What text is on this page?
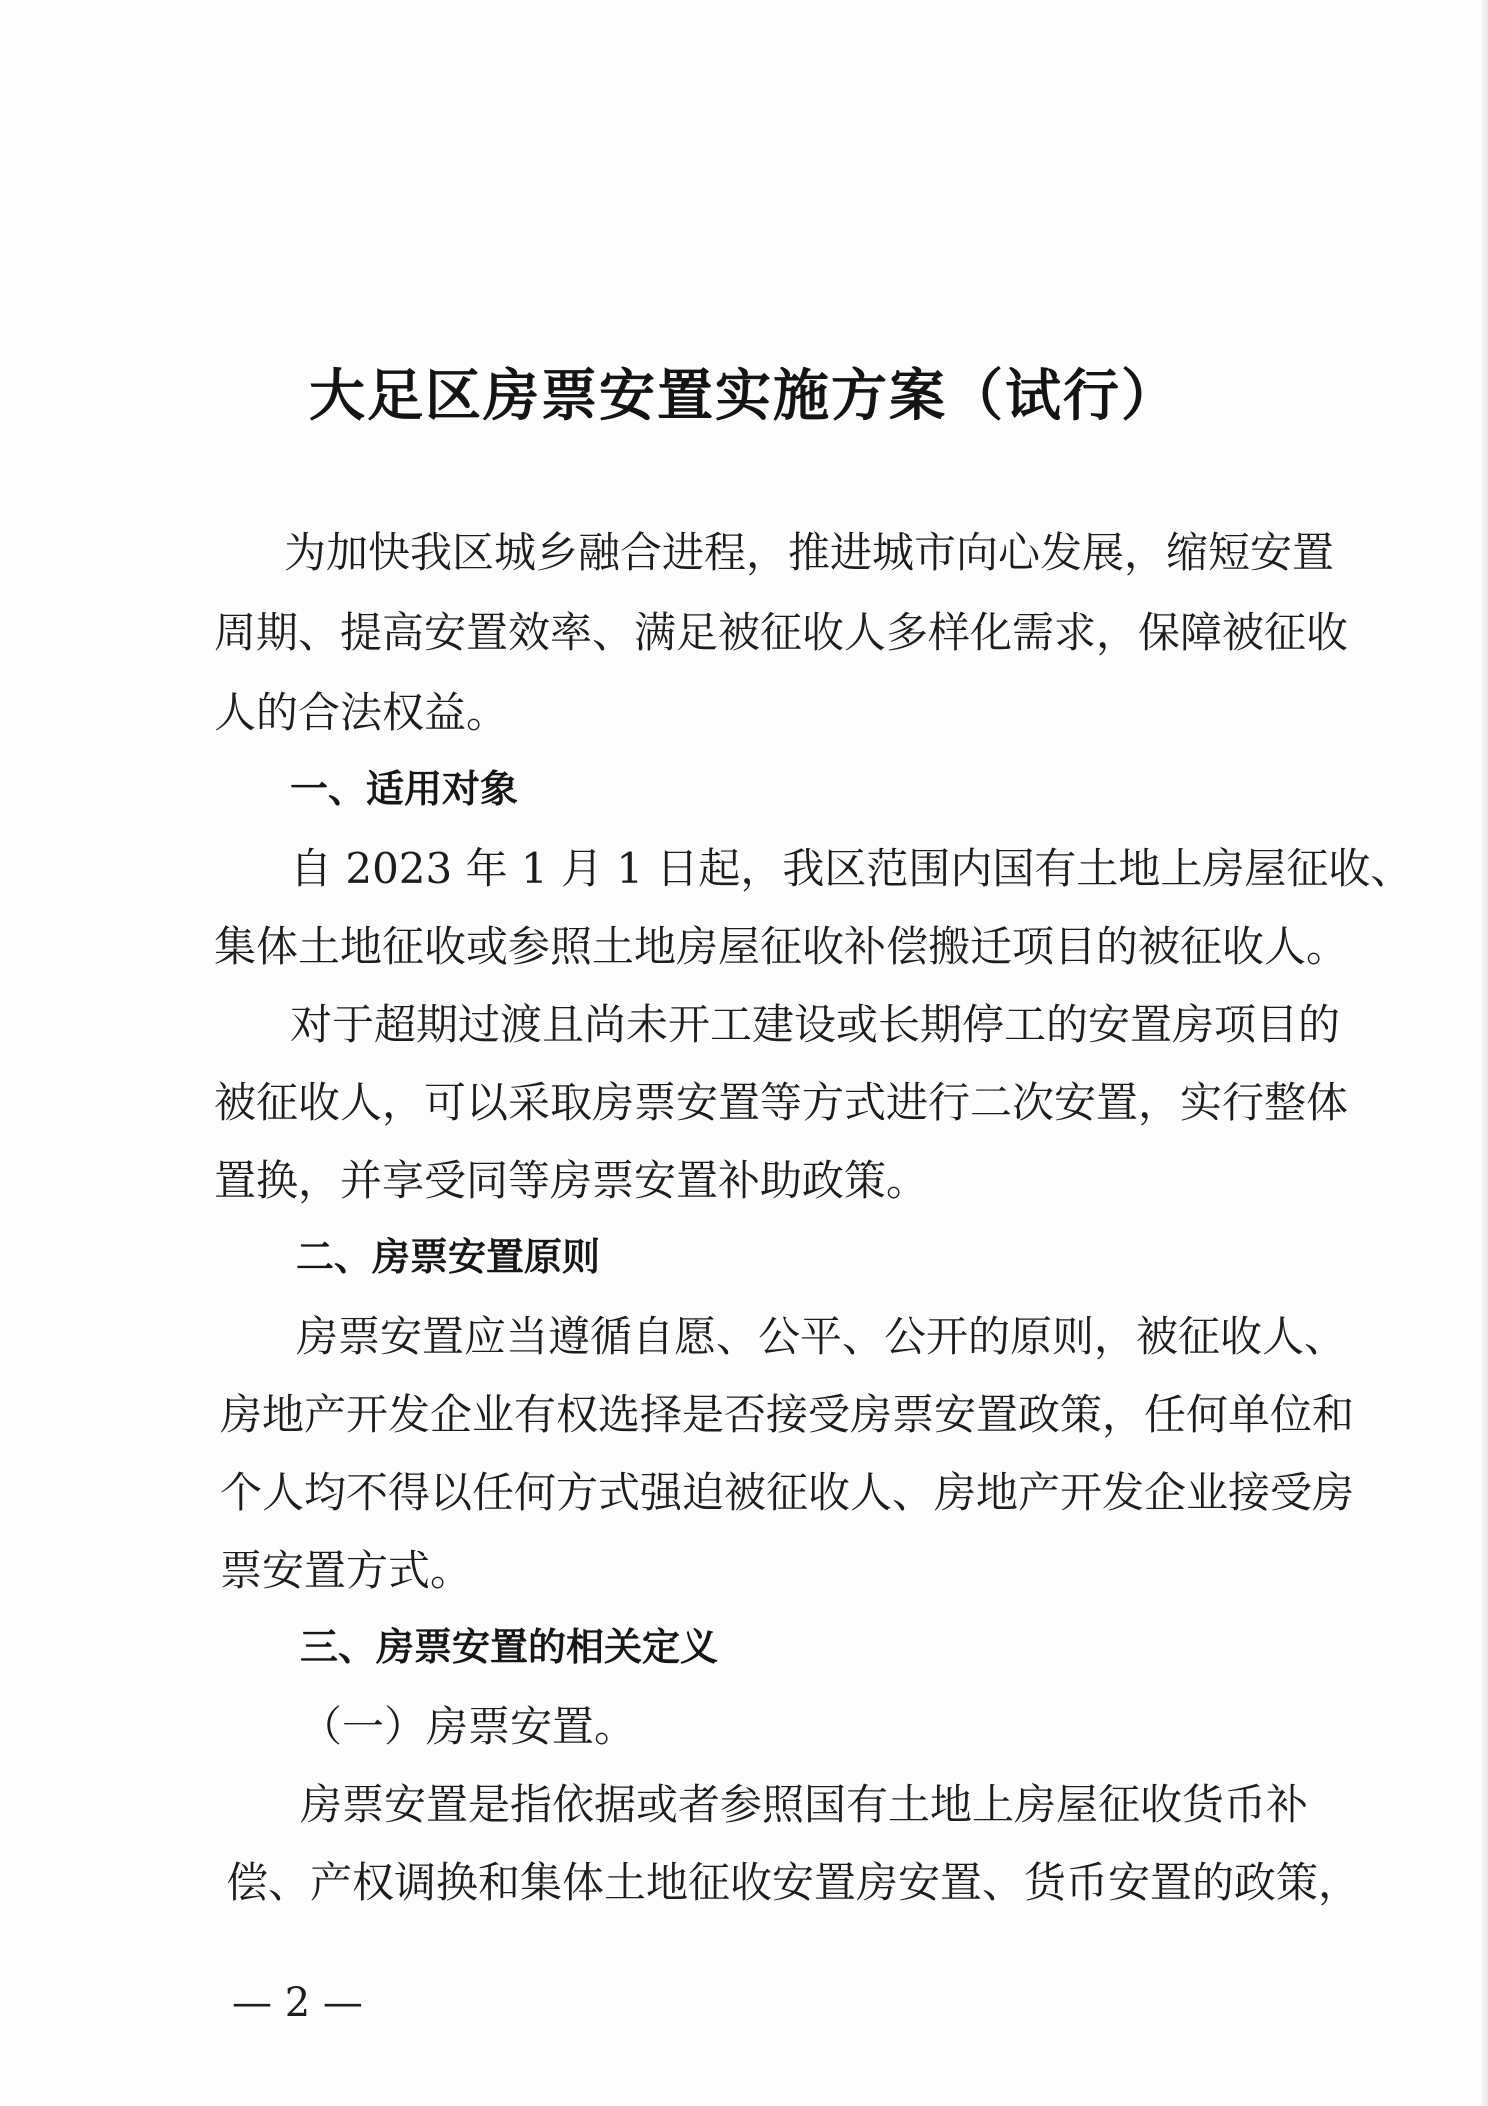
大足区房票安置实施方案（试行）
为加快我区城乡融合进程，推进城市向心发展，缩短安置
周期、提高安置效率、满足被征收人多样化需求，保障被征收
人的合法权益。
一、适用对象
自 2023 年 1 月 1 日起，我区范围内国有土地上房屋征收、
集体土地征收或参照土地房屋征收补偿搬迁项目的被征收人。
对于超期过渡且尚未开工建设或长期停工的安置房项目的
被征收人，可以采取房票安置等方式进行二次安置，实行整体
置换，并享受同等房票安置补助政策。
二、房票安置原则
房票安置应当遵循自愿、公平、公开的原则，被征收人、
房地产开发企业有权选择是否接受房票安置政策，任何单位和
个人均不得以任何方式强迫被征收人、房地产开发企业接受房
票安置方式。
三、房票安置的相关定义
（一）房票安置。
房票安置是指依据或者参照国有土地上房屋征收货币补
偿、产权调换和集体土地征收安置房安置、货币安置的政策，
— 2 —
